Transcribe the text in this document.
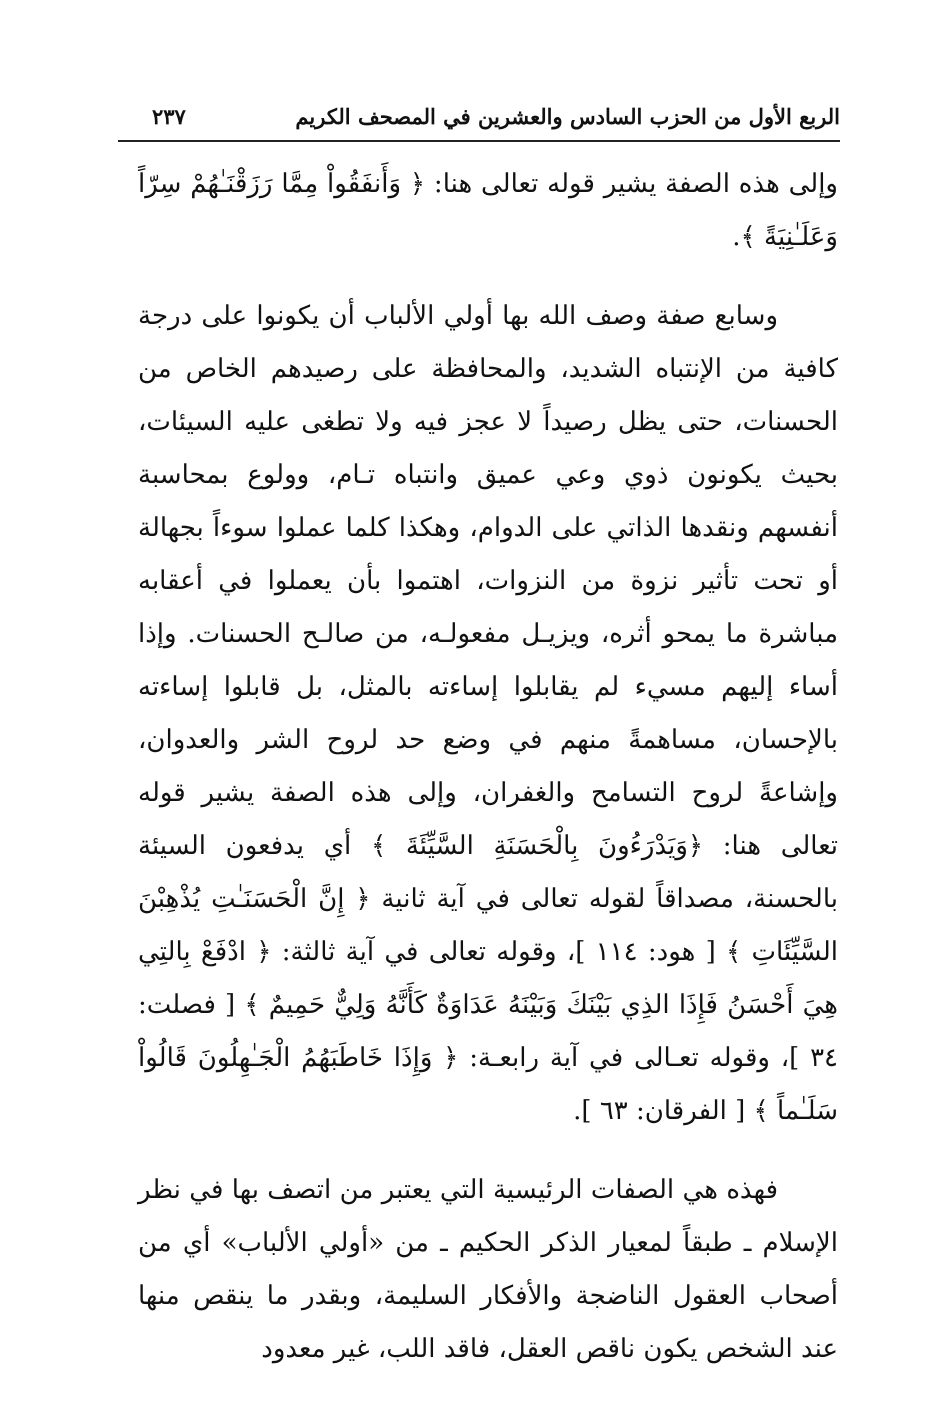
الربع الأول من الحزب السادس والعشرين في المصحف الكريم
٢٣٧

وإلى هذه الصفة يشير قوله تعالى هنا: ﴿ وَأَنفَقُواْ مِمَّا رَزَقْنَـٰهُمْ سِرّاً وَعَلَـٰنِيَةً ﴾.

وسابع صفة وصف الله بها أولي الألباب أن يكونوا على درجة كافية من الإنتباه الشديد، والمحافظة على رصيدهم الخاص من الحسنات، حتى يظل رصيداً لا عجز فيه ولا تطغى عليه السيئات، بحيث يكونون ذوي وعي عميق وانتباه تـام، وولوع بمحاسبة أنفسهم ونقدها الذاتي على الدوام، وهكذا كلما عملوا سوءاً بجهالة أو تحت تأثير نزوة من النزوات، اهتموا بأن يعملوا في أعقابه مباشرة ما يمحو أثره، ويزيـل مفعولـه، من صالـح الحسنات. وإذا أساء إليهم مسيء لم يقابلوا إساءته بالمثل، بل قابلوا إساءته بالإحسان، مساهمةً منهم في وضع حد لروح الشر والعدوان، وإشاعةً لروح التسامح والغفران، وإلى هذه الصفة يشير قوله تعالى هنا: ﴿وَيَدْرَءُونَ بِالْحَسَنَةِ السَّيِّئَةَ ﴾ أي يدفعون السيئة بالحسنة، مصداقاً لقوله تعالى في آية ثانية ﴿ إِنَّ الْحَسَنَـٰتِ يُذْهِبْنَ السَّيِّئَاتِ ﴾ [ هود: ١١٤ ]، وقوله تعالى في آية ثالثة: ﴿ ادْفَعْ بِالتِي هِيَ أَحْسَنُ فَإِذَا الذِي بَيْنَكَ وَبَيْنَهُ عَدَاوَةٌ كَأَنَّهُ وَلِيٌّ حَمِيمٌ ﴾ [ فصلت: ٣٤ ]، وقوله تعـالى في آية رابعـة: ﴿ وَإِذَا خَاطَبَهُمُ الْجَـٰهِلُونَ قَالُواْ سَلَـٰماً ﴾ [ الفرقان: ٦٣ ].

فهذه هي الصفات الرئيسية التي يعتبر من اتصف بها في نظر الإسلام ـ طبقاً لمعيار الذكر الحكيم ـ من «أولي الألباب» أي من أصحاب العقول الناضجة والأفكار السليمة، وبقدر ما ينقص منها عند الشخص يكون ناقص العقل، فاقد اللب، غير معدود
